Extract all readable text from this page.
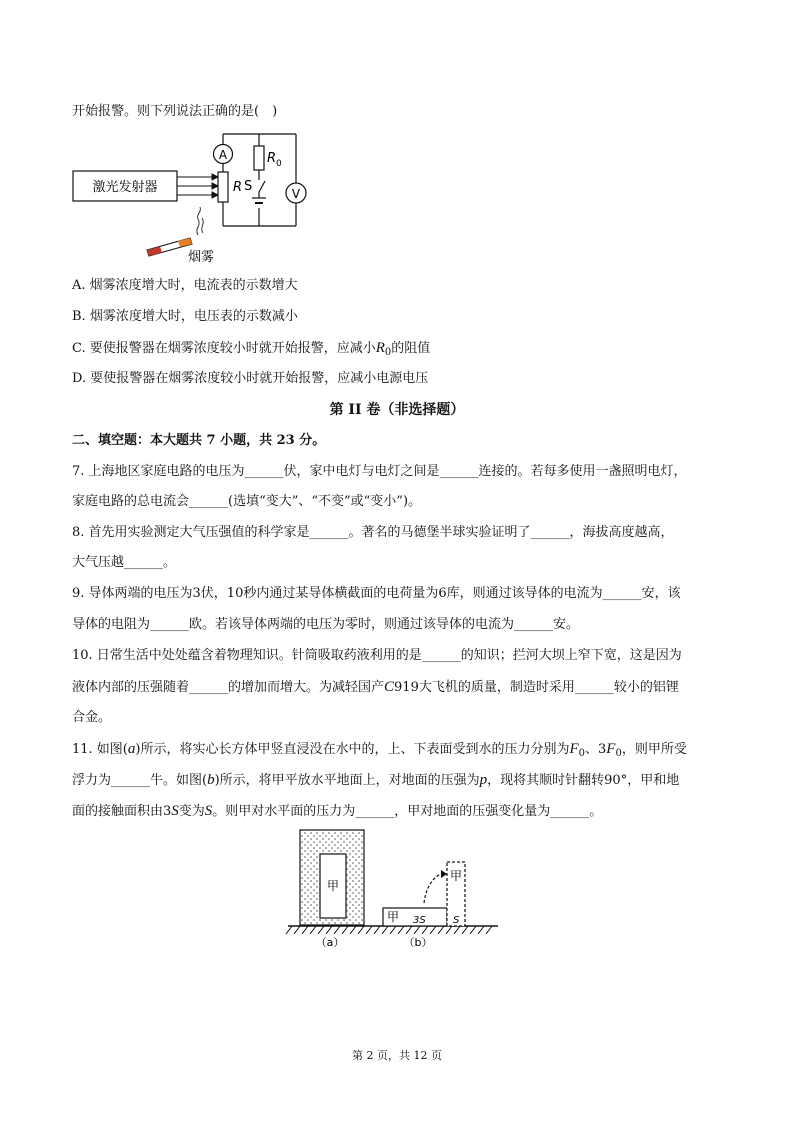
开始报警。则下列说法正确的是(　)
激光发射器
A
R
R 0
S	V
烟雾
A. 烟雾浓度增大时，电流表的示数增大
B. 烟雾浓度增大时，电压表的示数减小
C. 要使报警器在烟雾浓度较小时就开始报警，应减小$R_0$的阻值
D. 要使报警器在烟雾浓度较小时就开始报警，应减小电源电压
第 II 卷（非选择题）
二、填空题：本大题共 7 小题，共 23 分。
7. 上海地区家庭电路的电压为______伏，家中电灯与电灯之间是______连接的。若每多使用一盏照明电灯，
家庭电路的总电流会______(选填“变大”、“不变”或“变小”)。
8. 首先用实验测定大气压强值的科学家是______。著名的马德堡半球实验证明了______，海拔高度越高，
大气压越______。
9. 导体两端的电压为3伏，10秒内通过某导体横截面的电荷量为6库，则通过该导体的电流为______安，该
导体的电阻为______欧。若该导体两端的电压为零时，则通过该导体的电流为______安。
10. 日常生活中处处蕴含着物理知识。针筒吸取药液利用的是______的知识；拦河大坝上窄下宽，这是因为
液体内部的压强随着______的增加而增大。为减轻国产C919大飞机的质量，制造时采用______较小的铝锂
合金。
11. 如图(a)所示，将实心长方体甲竖直浸没在水中的，上、下表面受到水的压力分别为$F_0$、$3F_0$，则甲所受
浮力为______牛。如图(b)所示，将甲平放水平地面上，对地面的压强为p，现将其顺时针翻转90°，甲和地
面的接触面积由3S变为S。则甲对水平面的压力为______，甲对地面的压强变化量为______。
甲
甲 3S
甲
S
（a）	（b）
第 2 页，共 12 页
